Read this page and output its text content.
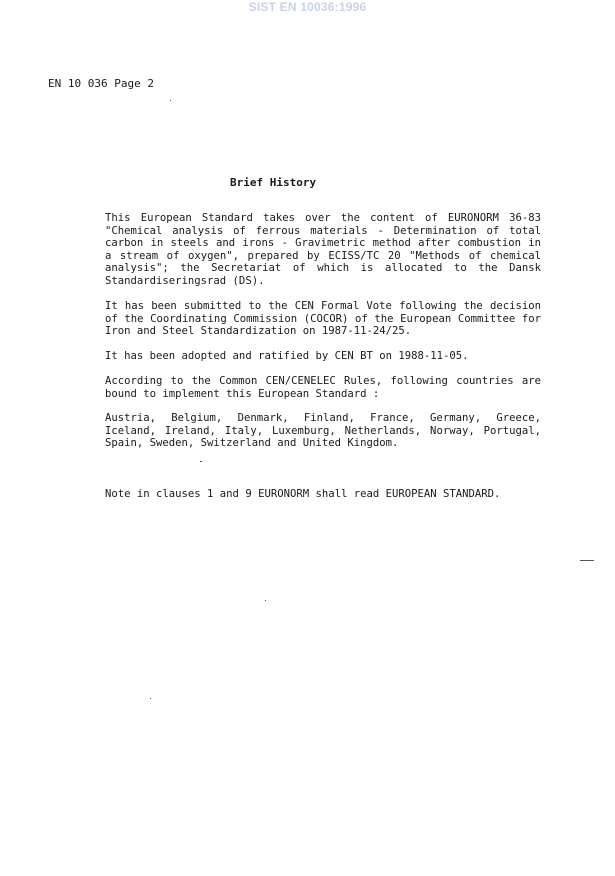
SIST EN 10036:1996
EN 10 036 Page 2
Brief History
This European Standard takes over the content of EURONORM 36-83 "Chemical analysis of ferrous materials - Determination of total carbon in steels and irons - Gravimetric method after combustion in a stream of oxygen", prepared by ECISS/TC 20 "Methods of chemical analysis"; the Secretariat of which is allocated to the Dansk Standardiseringsrad (DS).
It has been submitted to the CEN Formal Vote following the decision of the Coordinating Commission (COCOR) of the European Committee for Iron and Steel Standardization on 1987-11-24/25.
It has been adopted and ratified by CEN BT on 1988-11-05.
According to the Common CEN/CENELEC Rules, following countries are bound to implement this European Standard :
Austria, Belgium, Denmark, Finland, France, Germany, Greece, Iceland, Ireland, Italy, Luxemburg, Netherlands, Norway, Portugal, Spain, Sweden, Switzerland and United Kingdom.
Note in clauses 1 and 9 EURONORM shall read EUROPEAN STANDARD.
